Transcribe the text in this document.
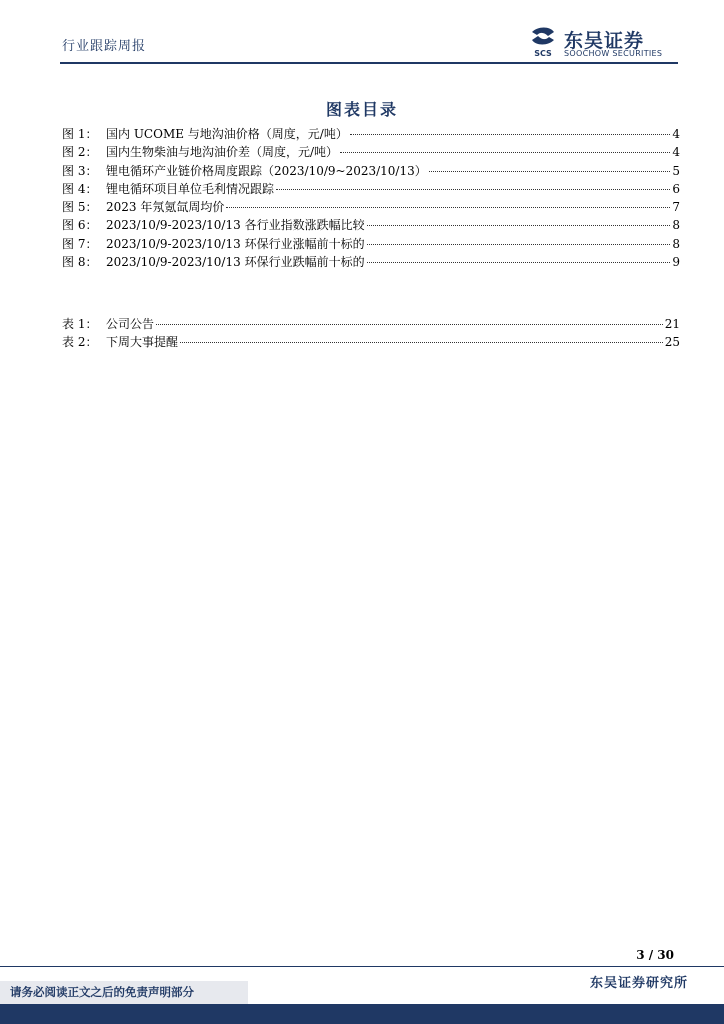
行业跟踪周报	SCS
东吴证券
SOOCHOW SECURITIES
图表目录
图 1： 国内 UCOME 与地沟油价格（周度，元/吨）	4
图 2： 国内生物柴油与地沟油价差（周度，元/吨）	4
图 3： 锂电循环产业链价格周度跟踪（2023/10/9~2023/10/13）	5
图 4： 锂电循环项目单位毛利情况跟踪	6
图 5： 2023 年氖氪氙周均价	7
图 6： 2023/10/9-2023/10/13 各行业指数涨跌幅比较	8
图 7： 2023/10/9-2023/10/13 环保行业涨幅前十标的	8
图 8： 2023/10/9-2023/10/13 环保行业跌幅前十标的	9
表 1： 公司公告	21
表 2： 下周大事提醒	25
3 / 30
东吴证券研究所
请务必阅读正文之后的免责声明部分
